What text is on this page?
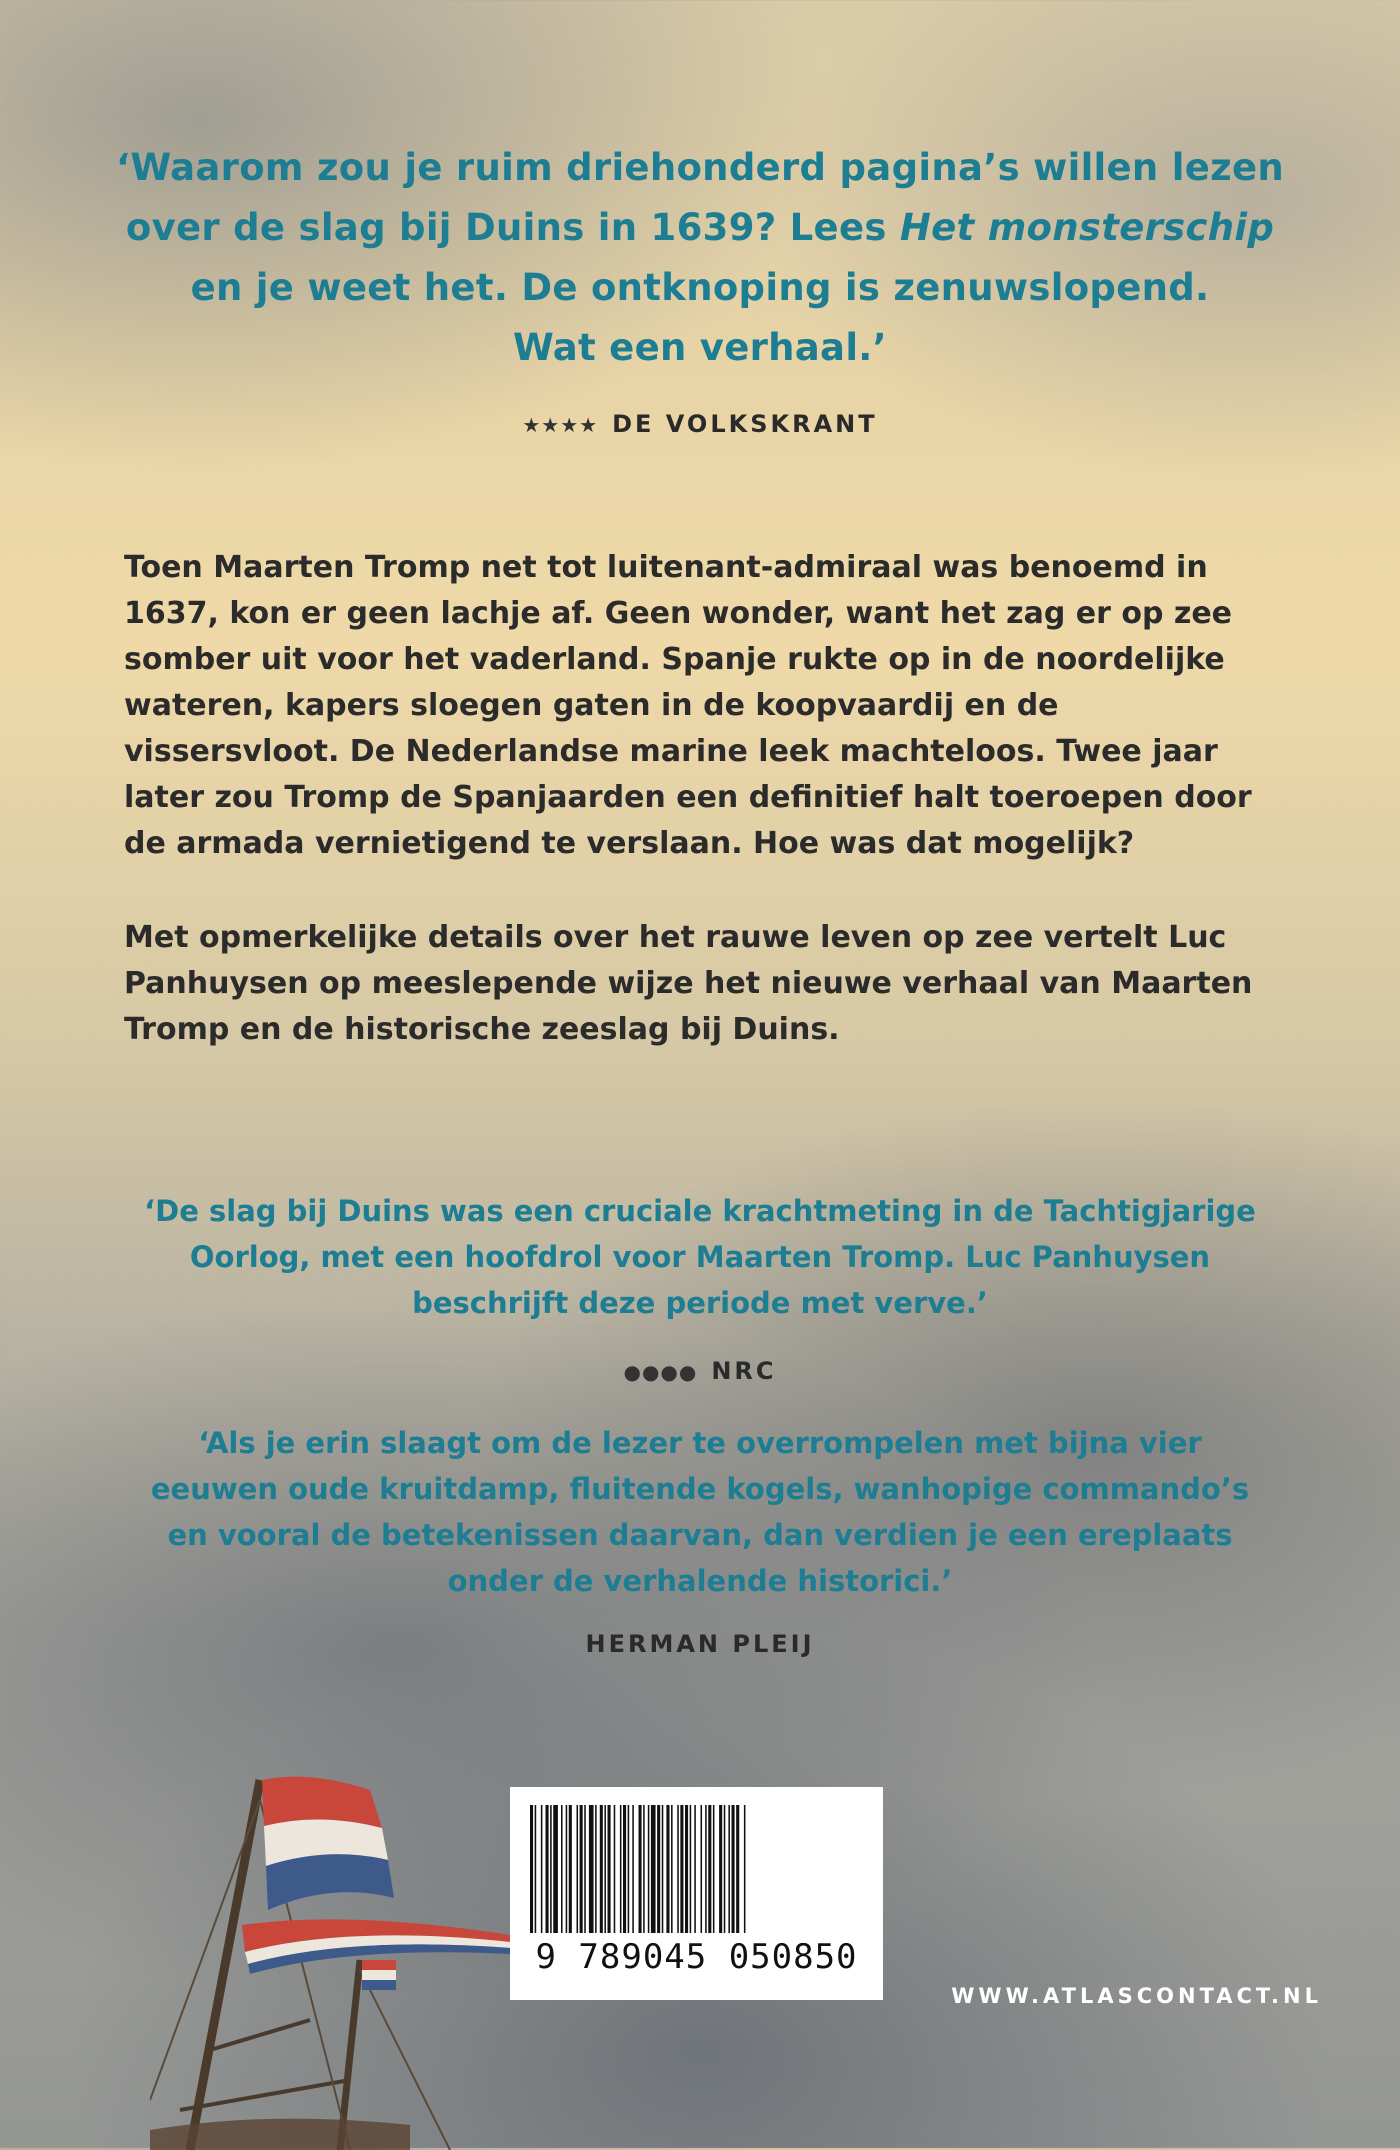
‘Waarom zou je ruim driehonderd pagina’s willen lezen
over de slag bij Duins in 1639? Lees Het monsterschip
en je weet het. De ontknoping is zenuwslopend.
Wat een verhaal.’
★★★★ DE VOLKSKRANT
Toen Maarten Tromp net tot luitenant-admiraal was benoemd in 1637, kon er geen lachje af. Geen wonder, want het zag er op zee somber uit voor het vaderland. Spanje rukte op in de noordelijke wateren, kapers sloegen gaten in de koopvaardij en de vissersvloot. De Nederlandse marine leek machteloos. Twee jaar later zou Tromp de Spanjaarden een definitief halt toeroepen door de armada vernietigend te verslaan. Hoe was dat mogelijk?
Met opmerkelijke details over het rauwe leven op zee vertelt Luc Panhuysen op meeslepende wijze het nieuwe verhaal van Maarten Tromp en de historische zeeslag bij Duins.
‘De slag bij Duins was een cruciale krachtmeting in de Tachtigjarige
Oorlog, met een hoofdrol voor Maarten Tromp. Luc Panhuysen
beschrijft deze periode met verve.’
●●●● NRC
‘Als je erin slaagt om de lezer te overrompelen met bijna vier
eeuwen oude kruitdamp, fluitende kogels, wanhopige commando’s
en vooral de betekenissen daarvan, dan verdien je een ereplaats
onder de verhalende historici.’
HERMAN PLEIJ
9 789045 050850
WWW.ATLASCONTACT.NL
